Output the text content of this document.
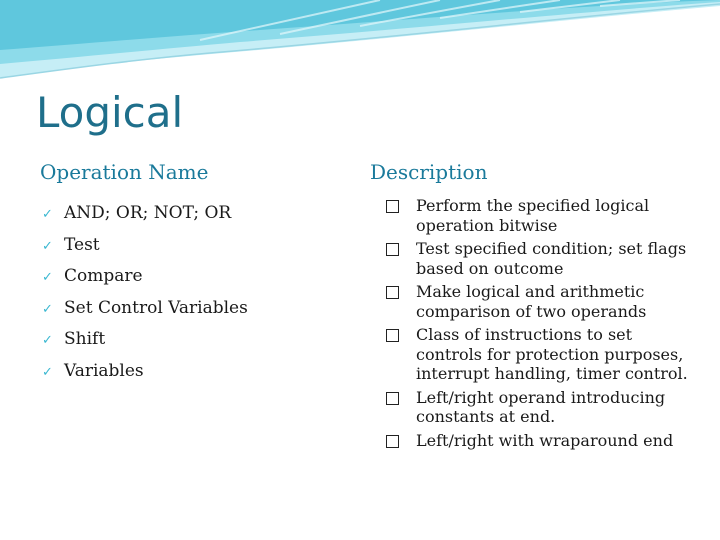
Logical
Operation Name	Description
✓ AND; OR; NOT; OR
✓ Test
✓ Compare
✓ Set Control Variables
✓ Shift
✓ Variables
Perform the specified logical operation bitwise
Test specified condition; set flags based on outcome
Make logical and arithmetic comparison of two operands
Class of instructions to set controls for protection purposes, interrupt handling, timer control.
Left/right operand introducing constants at end.
Left/right with wraparound end
